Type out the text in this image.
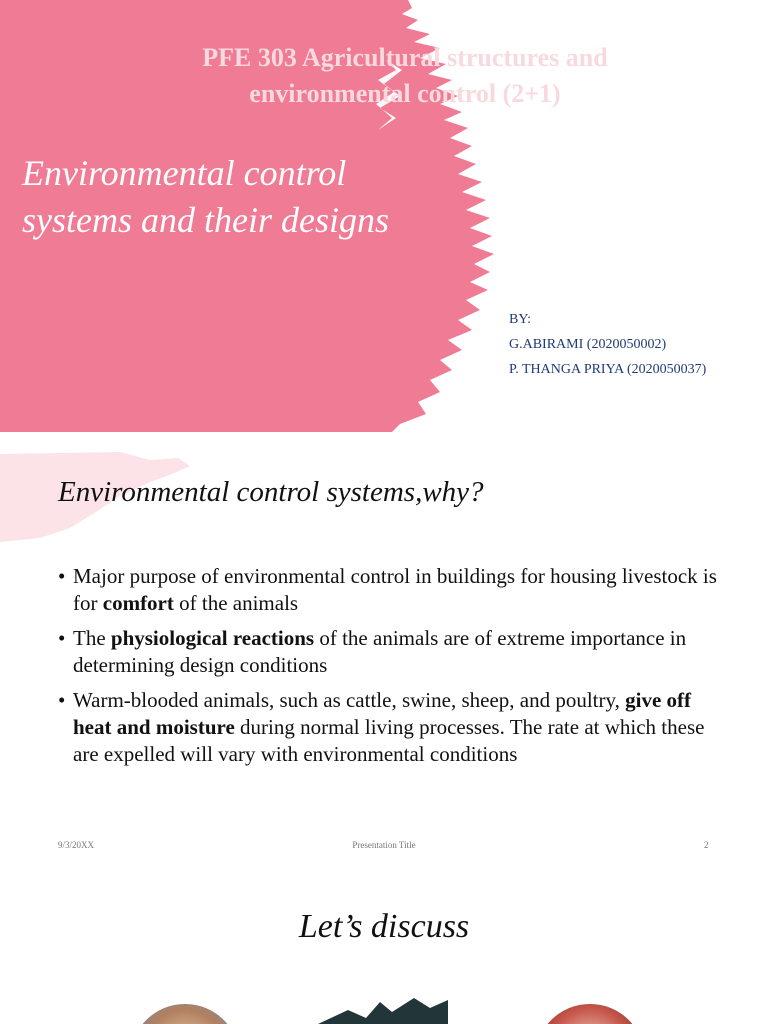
PFE 303 Agricultural structures and
environmental control (2+1)
Environmental control systems and their designs
BY:
G.ABIRAMI (2020050002)
P. THANGA PRIYA (2020050037)
Environmental control systems,why?
• Major purpose of environmental control in buildings for housing livestock is for comfort of the animals
• The physiological reactions of the animals are of extreme importance in determining design conditions
• Warm-blooded animals, such as cattle, swine, sheep, and poultry, give off heat and moisture during normal living processes. The rate at which these are expelled will vary with environmental conditions
9/3/20XX	Presentation Title	2
Let’s discuss
